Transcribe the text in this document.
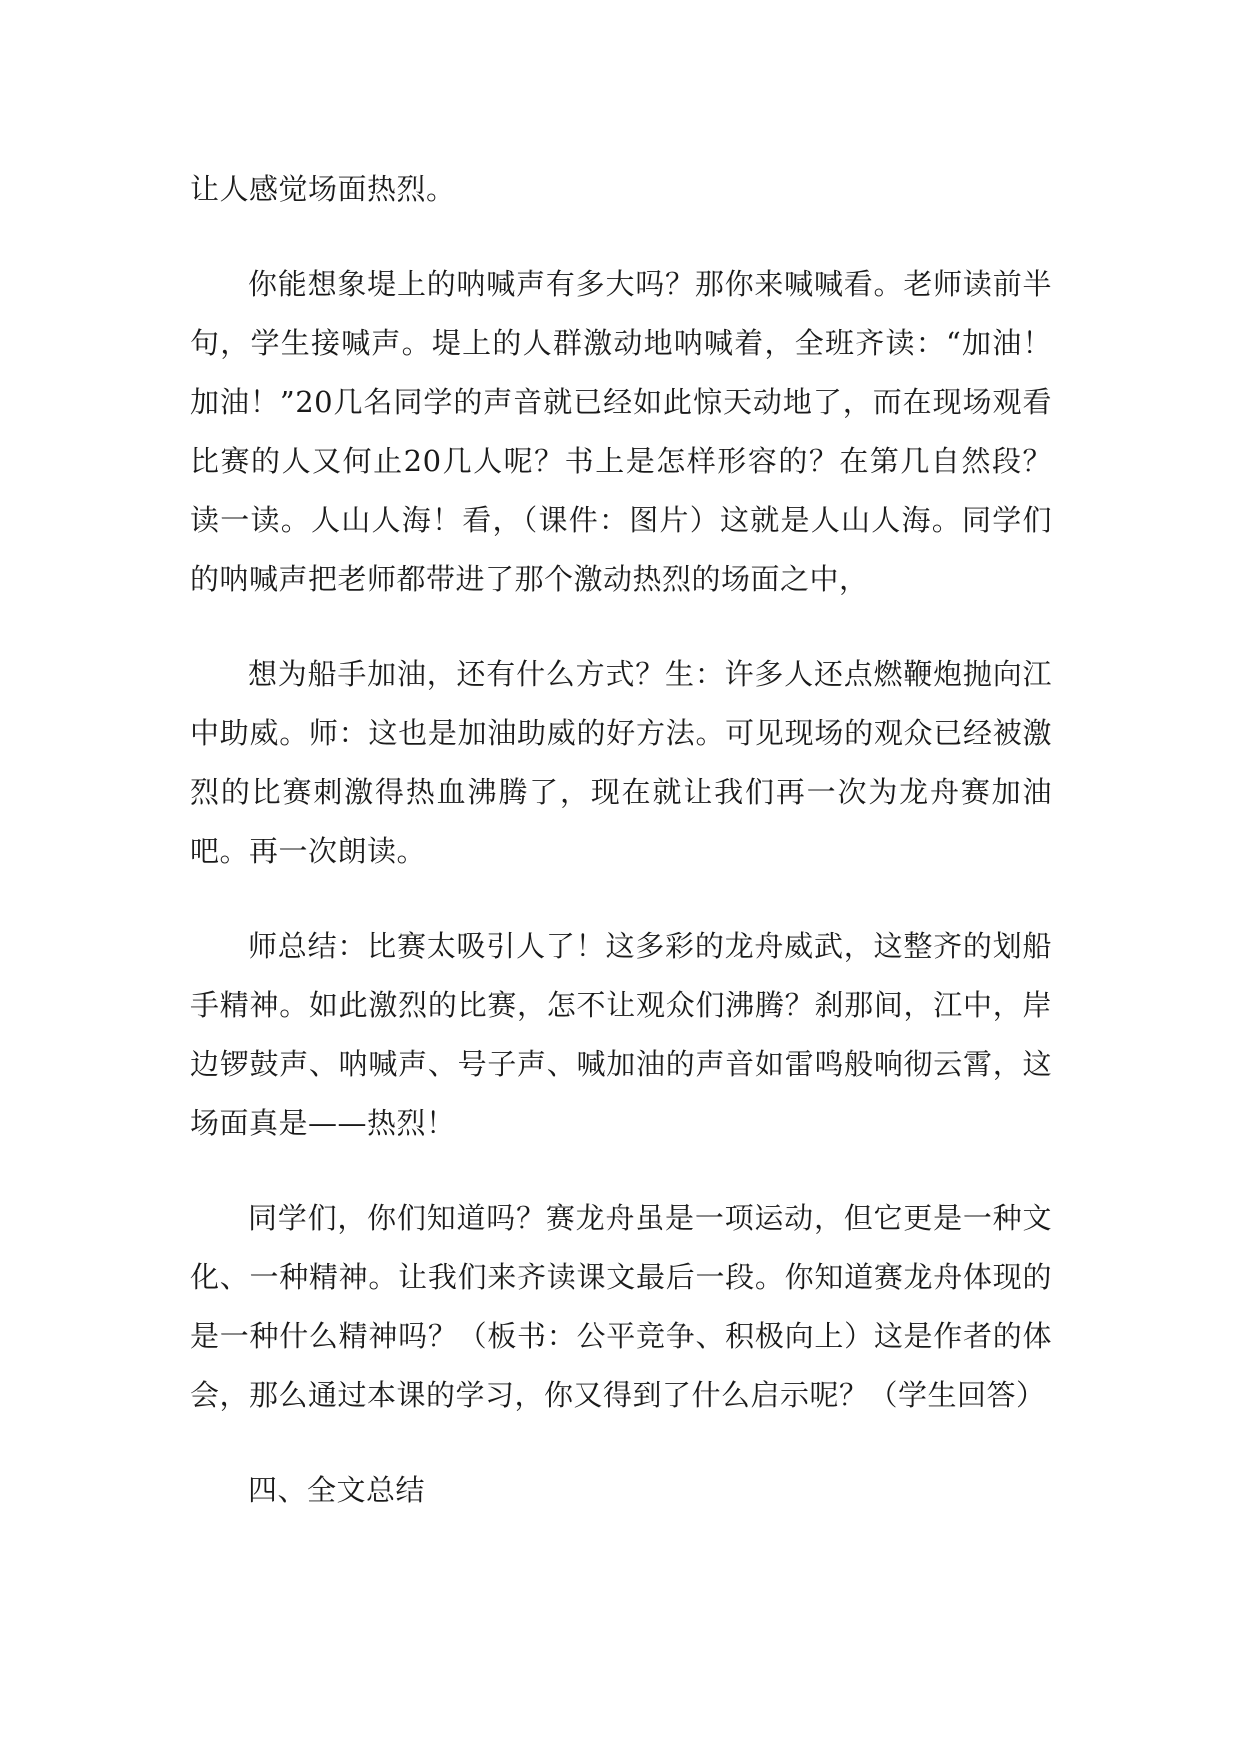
让人感觉场面热烈。

你能想象堤上的呐喊声有多大吗？那你来喊喊看。老师读前半句，学生接喊声。堤上的人群激动地呐喊着，全班齐读：“加油！加油！”20几名同学的声音就已经如此惊天动地了，而在现场观看比赛的人又何止20几人呢？书上是怎样形容的？在第几自然段？读一读。人山人海！看，（课件：图片）这就是人山人海。同学们的呐喊声把老师都带进了那个激动热烈的场面之中，

想为船手加油，还有什么方式？生：许多人还点燃鞭炮抛向江中助威。师：这也是加油助威的好方法。可见现场的观众已经被激烈的比赛刺激得热血沸腾了，现在就让我们再一次为龙舟赛加油吧。再一次朗读。

师总结：比赛太吸引人了！这多彩的龙舟威武，这整齐的划船手精神。如此激烈的比赛，怎不让观众们沸腾？刹那间，江中，岸边锣鼓声、呐喊声、号子声、喊加油的声音如雷鸣般响彻云霄，这场面真是——热烈！

同学们，你们知道吗？赛龙舟虽是一项运动，但它更是一种文化、一种精神。让我们来齐读课文最后一段。你知道赛龙舟体现的是一种什么精神吗？（板书：公平竞争、积极向上）这是作者的体会，那么通过本课的学习，你又得到了什么启示呢？（学生回答）

四、全文总结
